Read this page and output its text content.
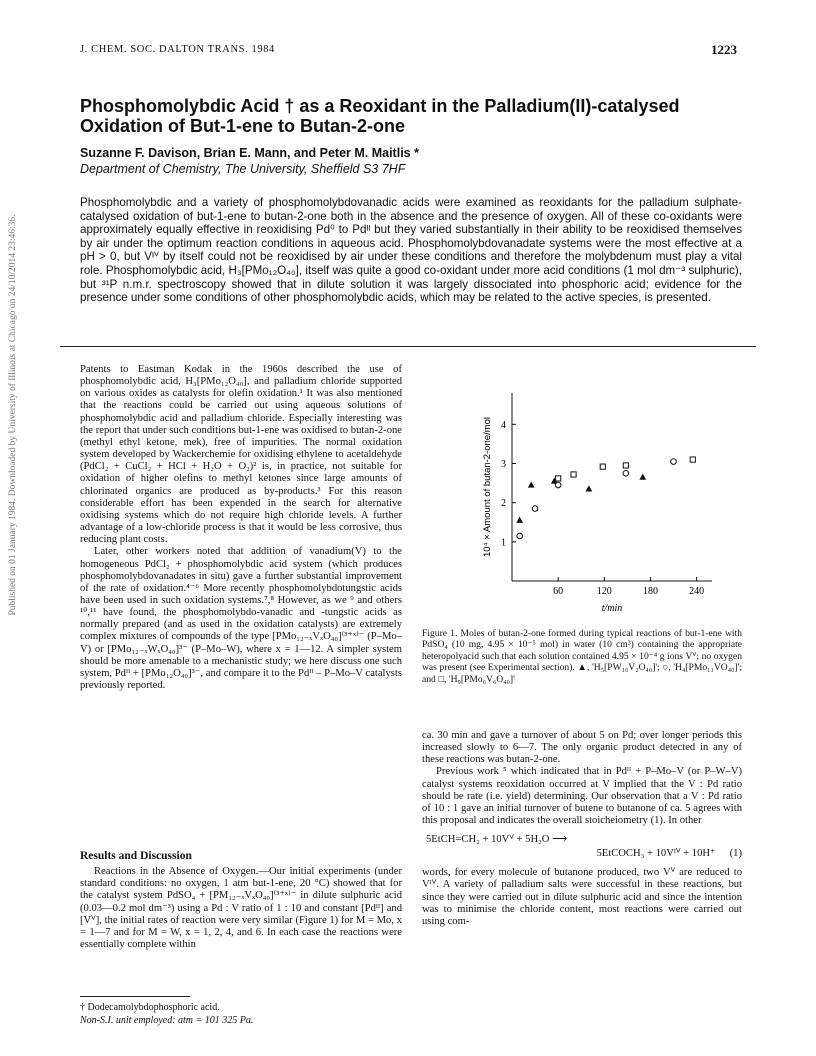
Published on 01 January 1984. Downloaded by University of Illinois at Chicago on 24/10/2014 23:46:36.
J. CHEM. SOC. DALTON TRANS. 1984	1223
Phosphomolybdic Acid † as a Reoxidant in the Palladium(II)-catalysed Oxidation of But-1-ene to Butan-2-one
Suzanne F. Davison, Brian E. Mann, and Peter M. Maitlis *
Department of Chemistry, The University, Sheffield S3 7HF
Phosphomolybdic and a variety of phosphomolybdovanadic acids were examined as reoxidants for the palladium sulphate-catalysed oxidation of but-1-ene to butan-2-one both in the absence and the presence of oxygen. All of these co-oxidants were approximately equally effective in reoxidising Pd⁰ to Pdᴵᴵ but they varied substantially in their ability to be reoxidised themselves by air under the optimum reaction conditions in aqueous acid. Phosphomolybdovanadate systems were the most effective at a pH > 0, but Vᴵⱽ by itself could not be reoxidised by air under these conditions and therefore the molybdenum must play a vital role. Phosphomolybdic acid, H₃[PMo₁₂O₄₀], itself was quite a good co-oxidant under more acid conditions (1 mol dm⁻³ sulphuric), but ³¹P n.m.r. spectroscopy showed that in dilute solution it was largely dissociated into phosphoric acid; evidence for the presence under some conditions of other phosphomolybdic acids, which may be related to the active species, is presented.

Patents to Eastman Kodak in the 1960s described the use of phosphomolybdic acid, H₃[PMo₁₂O₄₀], and palladium chloride supported on various oxides as catalysts for olefin oxidation.¹ It was also mentioned that the reactions could be carried out using aqueous solutions of phosphomolybdic acid and palladium chloride. Especially interesting was the report that under such conditions but-1-ene was oxidised to butan-2-one (methyl ethyl ketone, mek), free of impurities. The normal oxidation system developed by Wackerchemie for oxidising ethylene to acetaldehyde (PdCl₂ + CuCl₂ + HCl + H₂O + O₂)² is, in practice, not suitable for oxidation of higher olefins to methyl ketones since large amounts of chlorinated organics are produced as by-products.³ For this reason considerable effort has been expended in the search for alternative oxidising systems which do not require high chloride levels. A further advantage of a low-chloride process is that it would be less corrosive, thus reducing plant costs.

Later, other workers noted that addition of vanadium(V) to the homogeneous PdCl₂ + phosphomolybdic acid system (which produces phosphomolybdovanadates in situ) gave a further substantial improvement of the rate of oxidation.⁴⁻⁶ More recently phosphomolybdotungstic acids have been used in such oxidation systems.⁷,⁸ However, as we ⁹ and others ¹⁰,¹¹ have found, the phosphomolybdo-vanadic and -tungstic acids as normally prepared (and as used in the oxidation catalysts) are extremely complex mixtures of compounds of the type [PMo₁₂₋ₓVₓO₄₀]⁽³⁺ˣ⁾⁻ (P–Mo–V) or [PMo₁₂₋ₓWₓO₄₀]³⁻ (P–Mo–W), where x = 1—12. A simpler system should be more amenable to a mechanistic study; we here discuss one such system, Pdᴵᴵ + [PMo₁₂O₄₀]³⁻, and compare it to the Pdᴵᴵ – P–Mo–V catalysts previously reported.

Results and Discussion

Reactions in the Absence of Oxygen.—Our initial experiments (under standard conditions: no oxygen, 1 atm but-1-ene, 20 °C) showed that for the catalyst system PdSO₄ + [PM₁₂₋ₓVₓO₄₀]⁽³⁺ˣ⁾⁻ in dilute sulphuric acid (0.03—0.2 mol dm⁻³) using a Pd : V ratio of 1 : 10 and constant [Pdᴵᴵ] and [Vⱽ], the initial rates of reaction were very similar (Figure 1) for M = Mo, x = 1—7 and for M = W, x = 1, 2, 4, and 6. In each case the reactions were essentially complete within

† Dodecamolybdophosphoric acid.
Non-S.I. unit employed: atm = 101 325 Pa.
60	120	180	240
1
2
3
4
t/min
10⁴ × Amount of butan-2-one/mol
Figure 1. Moles of butan-2-one formed during typical reactions of but-1-ene with PdSO₄ (10 mg, 4.95 × 10⁻⁵ mol) in water (10 cm³) containing the appropriate heteropolyacid such that each solution contained 4.95 × 10⁻⁴ g ions Vⱽ; no oxygen was present (see Experimental section). ▲, 'H₅[PW₁₀V₂O₄₀]'; ○, 'H₄[PMo₁₁VO₄₀]'; and □, 'H₉[PMo₆V₆O₄₀]'

ca. 30 min and gave a turnover of about 5 on Pd; over longer periods this increased slowly to 6—7. The only organic product detected in any of these reactions was butan-2-one.

Previous work ⁵ which indicated that in Pdᴵᴵ + P–Mo–V (or P–W–V) catalyst systems reoxidation occurred at V implied that the V : Pd ratio should be rate (i.e. yield) determining. Our observation that a V : Pd ratio of 10 : 1 gave an initial turnover of butene to butanone of ca. 5 agrees with this proposal and indicates the overall stoicheiometry (1). In other

5EtCH=CH₂ + 10Vⱽ + 5H₂O ⟶
5EtCOCH₃ + 10Vᴵⱽ + 10H⁺ (1)

words, for every molecule of butanone produced, two Vⱽ are reduced to Vᴵⱽ. A variety of palladium salts were successful in these reactions, but since they were carried out in dilute sulphuric acid and since the intention was to minimise the chloride content, most reactions were carried out using com-
